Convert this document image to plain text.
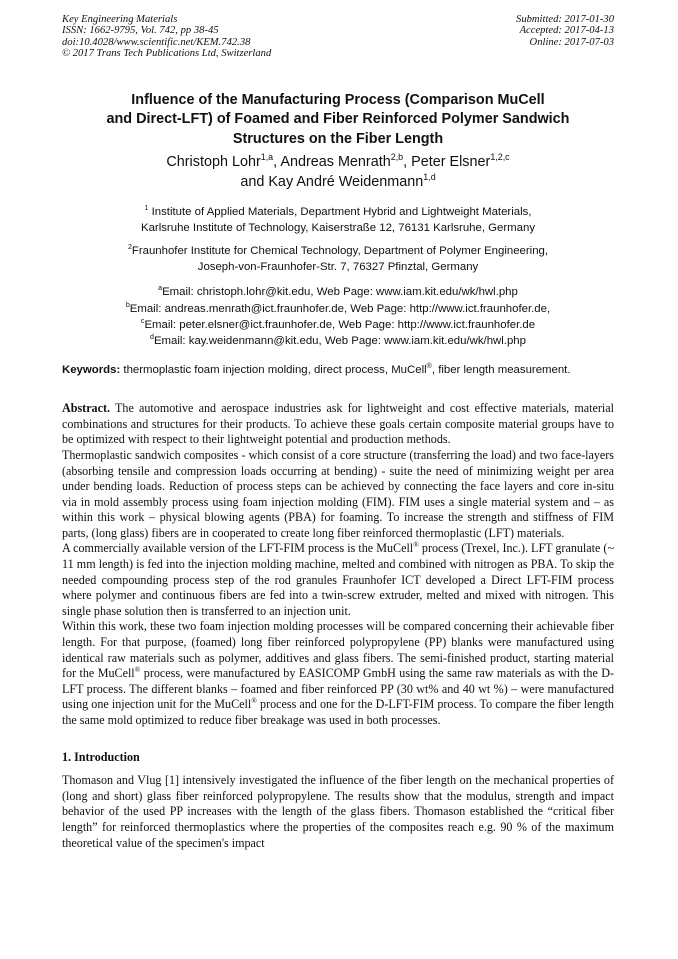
Key Engineering Materials
ISSN: 1662-9795, Vol. 742, pp 38-45
doi:10.4028/www.scientific.net/KEM.742.38
© 2017 Trans Tech Publications Ltd, Switzerland
Submitted: 2017-01-30
Accepted: 2017-04-13
Online: 2017-07-03
Influence of the Manufacturing Process (Comparison MuCell
and Direct-LFT) of Foamed and Fiber Reinforced Polymer Sandwich
Structures on the Fiber Length
Christoph Lohr$^{1,a}$, Andreas Menrath$^{2,b}$, Peter Elsner$^{1,2,c}$
and Kay André Weidenmann$^{1,d}$
$^1$ Institute of Applied Materials, Department Hybrid and Lightweight Materials,
Karlsruhe Institute of Technology, Kaiserstraße 12, 76131 Karlsruhe, Germany
$^2$Fraunhofer Institute for Chemical Technology, Department of Polymer Engineering,
Joseph-von-Fraunhofer-Str. 7, 76327 Pfinztal, Germany
$^a$Email: christoph.lohr@kit.edu, Web Page: www.iam.kit.edu/wk/hwl.php
$^b$Email: andreas.menrath@ict.fraunhofer.de, Web Page: http://www.ict.fraunhofer.de,
$^c$Email: peter.elsner@ict.fraunhofer.de, Web Page: http://www.ict.fraunhofer.de
$^d$Email: kay.weidenmann@kit.edu, Web Page: www.iam.kit.edu/wk/hwl.php
Keywords: thermoplastic foam injection molding, direct process, MuCell®, fiber length measurement.

Abstract. The automotive and aerospace industries ask for lightweight and cost effective materials, material combinations and structures for their products. To achieve these goals certain composite material groups have to be optimized with respect to their lightweight potential and production methods.

Thermoplastic sandwich composites - which consist of a core structure (transferring the load) and two face-layers (absorbing tensile and compression loads occurring at bending) - suite the need of minimizing weight per area under bending loads. Reduction of process steps can be achieved by connecting the face layers and core in-situ via in mold assembly process using foam injection molding (FIM). FIM uses a single material system and – as within this work – physical blowing agents (PBA) for foaming. To increase the strength and stiffness of FIM parts, (long glass) fibers are in cooperated to create long fiber reinforced thermoplastic (LFT) materials.

A commercially available version of the LFT-FIM process is the MuCell® process (Trexel, Inc.). LFT granulate (~ 11 mm length) is fed into the injection molding machine, melted and combined with nitrogen as PBA. To skip the needed compounding process step of the rod granules Fraunhofer ICT developed a Direct LFT-FIM process where polymer and continuous fibers are fed into a twin-screw extruder, melted and mixed with nitrogen. This single phase solution then is transferred to an injection unit.

Within this work, these two foam injection molding processes will be compared concerning their achievable fiber length. For that purpose, (foamed) long fiber reinforced polypropylene (PP) blanks were manufactured using identical raw materials such as polymer, additives and glass fibers. The semi-finished product, starting material for the MuCell® process, were manufactured by EASICOMP GmbH using the same raw materials as with the D-LFT process. The different blanks – foamed and fiber reinforced PP (30 wt% and 40 wt %) – were manufactured using one injection unit for the MuCell® process and one for the D-LFT-FIM process. To compare the fiber length the same mold optimized to reduce fiber breakage was used in both processes.

1. Introduction

Thomason and Vlug [1] intensively investigated the influence of the fiber length on the mechanical properties of (long and short) glass fiber reinforced polypropylene. The results show that the modulus, strength and impact behavior of the used PP increases with the length of the glass fibers. Thomason established the “critical fiber length” for reinforced thermoplastics where the properties of the composites reach e.g. 90 % of the maximum theoretical value of the specimen's impact
